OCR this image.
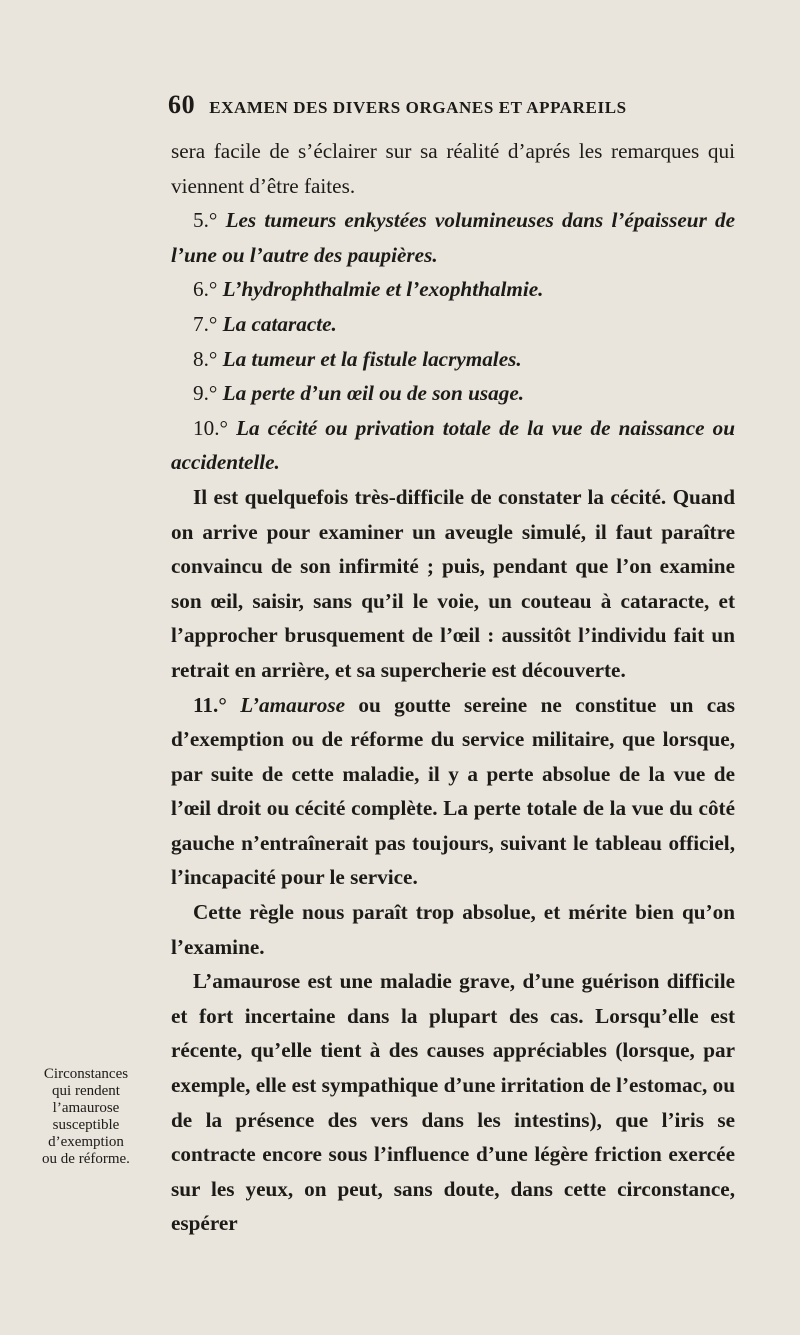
60 EXAMEN DES DIVERS ORGANES ET APPAREILS

sera facile de s’éclairer sur sa réalité d’aprés les remarques qui viennent d’être faites.

5.° Les tumeurs enkystées volumineuses dans l’épaisseur de l’une ou l’autre des paupières.

6.° L’hydrophthalmie et l’exophthalmie.

7.° La cataracte.

8.° La tumeur et la fistule lacrymales.

9.° La perte d’un œil ou de son usage.

10.° La cécité ou privation totale de la vue de naissance ou accidentelle.

Il est quelquefois très-difficile de constater la cécité. Quand on arrive pour examiner un aveugle simulé, il faut paraître convaincu de son infirmité ; puis, pendant que l’on examine son œil, saisir, sans qu’il le voie, un couteau à cataracte, et l’approcher brusquement de l’œil : aussitôt l’individu fait un retrait en arrière, et sa supercherie est découverte.

11.° L’amaurose ou goutte sereine ne constitue un cas d’exemption ou de réforme du service militaire, que lorsque, par suite de cette maladie, il y a perte absolue de la vue de l’œil droit ou cécité complète. La perte totale de la vue du côté gauche n’entraînerait pas toujours, suivant le tableau officiel, l’incapacité pour le service.

Cette règle nous paraît trop absolue, et mérite bien qu’on l’examine.

L’amaurose est une maladie grave, d’une guérison difficile et fort incertaine dans la plupart des cas. Lorsqu’elle est récente, qu’elle tient à des causes appréciables (lorsque, par exemple, elle est sympathique d’une irritation de l’estomac, ou de la présence des vers dans les intestins), que l’iris se contracte encore sous l’influence d’une légère friction exercée sur les yeux, on peut, sans doute, dans cette circonstance, espérer

Circonstances
qui rendent
l’amaurose
susceptible
d’exemption
ou de réforme.
